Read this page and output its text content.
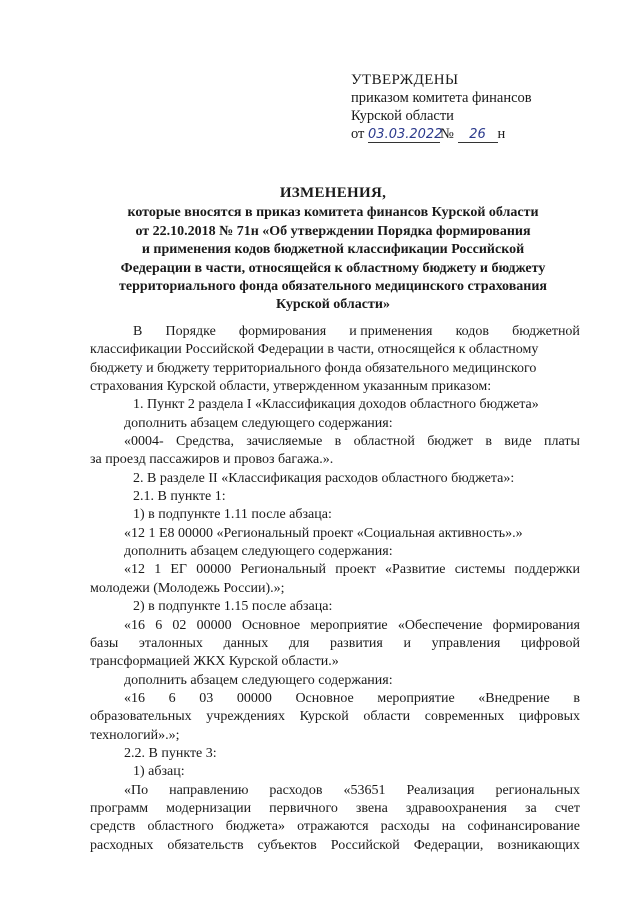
УТВЕРЖДЕНЫ
приказом комитета финансов
Курской области
от 03.03.2022№ 26 н
ИЗМЕНЕНИЯ,
которые вносятся в приказ комитета финансов Курской области
от 22.10.2018 № 71н «Об утверждении Порядка формирования
и применения кодов бюджетной классификации Российской
Федерации в части, относящейся к областному бюджету и бюджету
территориального фонда обязательного медицинского страхования
Курской области»
В Порядке формирования и применения кодов бюджетной
классификации Российской Федерации в части, относящейся к областному
бюджету и бюджету территориального фонда обязательного медицинского
страхования Курской области, утвержденном указанным приказом:
1. Пункт 2 раздела I «Классификация доходов областного бюджета»
дополнить абзацем следующего содержания:
«0004- Средства, зачисляемые в областной бюджет в виде платы
за проезд пассажиров и провоз багажа.».
2. В разделе II «Классификация расходов областного бюджета»:
2.1. В пункте 1:
1) в подпункте 1.11 после абзаца:
«12 1 Е8 00000 «Региональный проект «Социальная активность».»
дополнить абзацем следующего содержания:
«12 1 ЕГ 00000 Региональный проект «Развитие системы поддержки
молодежи (Молодежь России).»;
2) в подпункте 1.15 после абзаца:
«16 6 02 00000 Основное мероприятие «Обеспечение формирования
базы эталонных данных для развития и управления цифровой
трансформацией ЖКХ Курской области.»
дополнить абзацем следующего содержания:
«16 6 03 00000 Основное мероприятие «Внедрение в
образовательных учреждениях Курской области современных цифровых
технологий».»;
2.2. В пункте 3:
1) абзац:
«По направлению расходов «53651 Реализация региональных
программ модернизации первичного звена здравоохранения за счет
средств областного бюджета» отражаются расходы на софинансирование
расходных обязательств субъектов Российской Федерации, возникающих
